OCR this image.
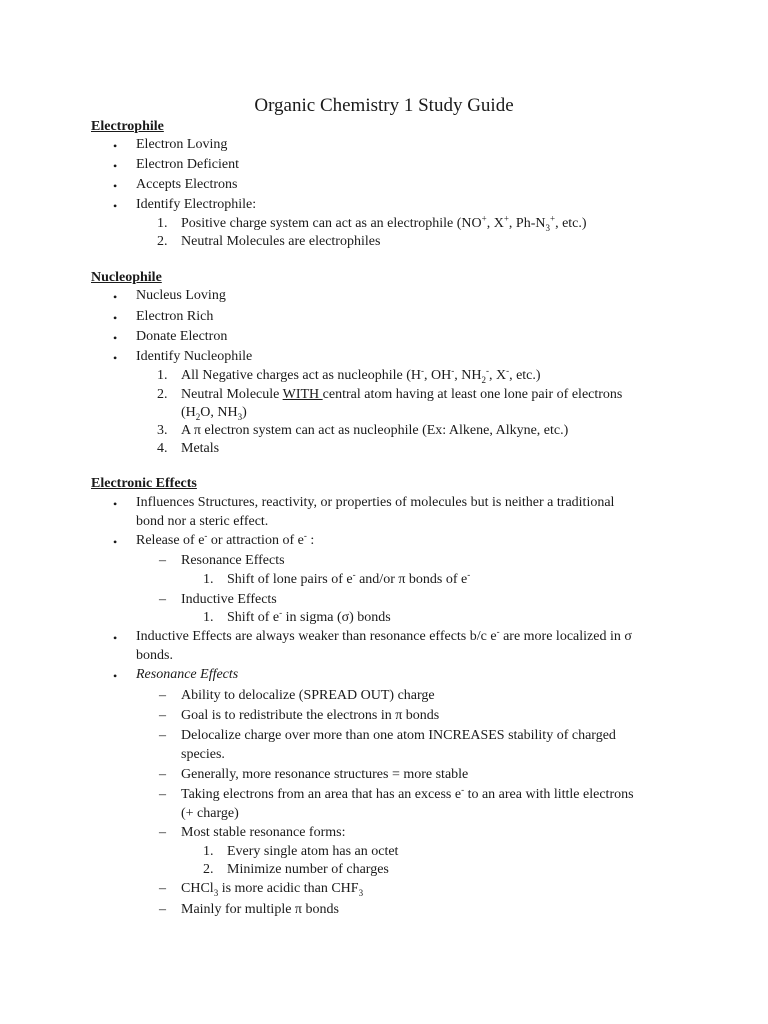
Organic Chemistry 1 Study Guide
Electrophile
• Electron Loving
• Electron Deficient
• Accepts Electrons
• Identify Electrophile:
1. Positive charge system can act as an electrophile (NO+, X+, $Ph-N_3^+$, etc.)
2. Neutral Molecules are electrophiles
Nucleophile
• Nucleus Loving
• Electron Rich
• Donate Electron
• Identify Nucleophile
1. All Negative charges act as nucleophile (H-, OH-, $NH_2^-$, X-, etc.)
2. Neutral Molecule WITH central atom having at least one lone pair of electrons
($H_2O$, $NH_3$)
3. A π electron system can act as nucleophile (Ex: Alkene, Alkyne, etc.)
4. Metals
Electronic Effects
• Influences Structures, reactivity, or properties of molecules but is neither a traditional
bond nor a steric effect.
• Release of e- or attraction of e- :
– Resonance Effects
1. Shift of lone pairs of e- and/or π bonds of e-
– Inductive Effects
1. Shift of e- in sigma (σ) bonds
• Inductive Effects are always weaker than resonance effects b/c e- are more localized in σ
bonds.
• Resonance Effects
– Ability to delocalize (SPREAD OUT) charge
– Goal is to redistribute the electrons in π bonds
– Delocalize charge over more than one atom INCREASES stability of charged
species.
– Generally, more resonance structures = more stable
– Taking electrons from an area that has an excess e- to an area with little electrons
(+ charge)
– Most stable resonance forms:
1. Every single atom has an octet
2. Minimize number of charges
– CHCl$_3$ is more acidic than $CHF_3$
– Mainly for multiple π bonds
